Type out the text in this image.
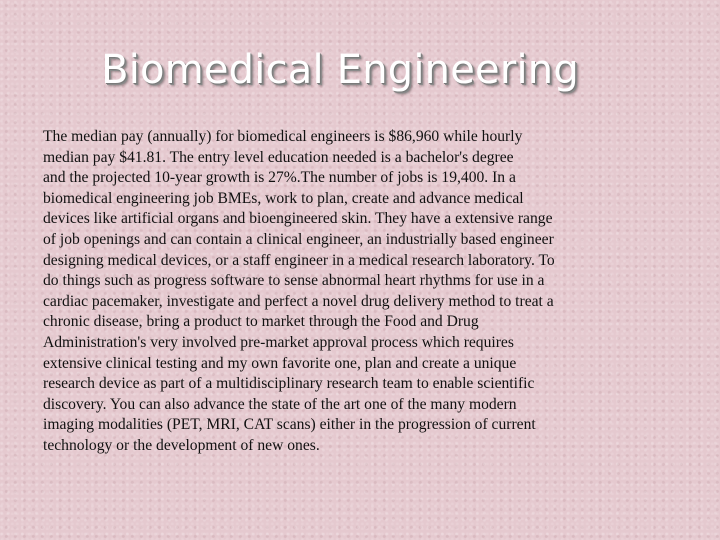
Biomedical Engineering

The median pay (annually) for biomedical engineers is $86,960 while hourly
median pay $41.81. The entry level education needed is a bachelor's degree
and the projected 10-year growth is 27%.The number of jobs is 19,400. In a
biomedical engineering job BMEs, work to plan, create and advance medical
devices like artificial organs and bioengineered skin. They have a extensive range
of job openings and can contain a clinical engineer, an industrially based engineer
designing medical devices, or a staff engineer in a medical research laboratory. To
do things such as progress software to sense abnormal heart rhythms for use in a
cardiac pacemaker, investigate and perfect a novel drug delivery method to treat a
chronic disease, bring a product to market through the Food and Drug
Administration's very involved pre-market approval process which requires
extensive clinical testing and my own favorite one, plan and create a unique
research device as part of a multidisciplinary research team to enable scientific
discovery. You can also advance the state of the art one of the many modern
imaging modalities (PET, MRI, CAT scans) either in the progression of current
technology or the development of new ones.
